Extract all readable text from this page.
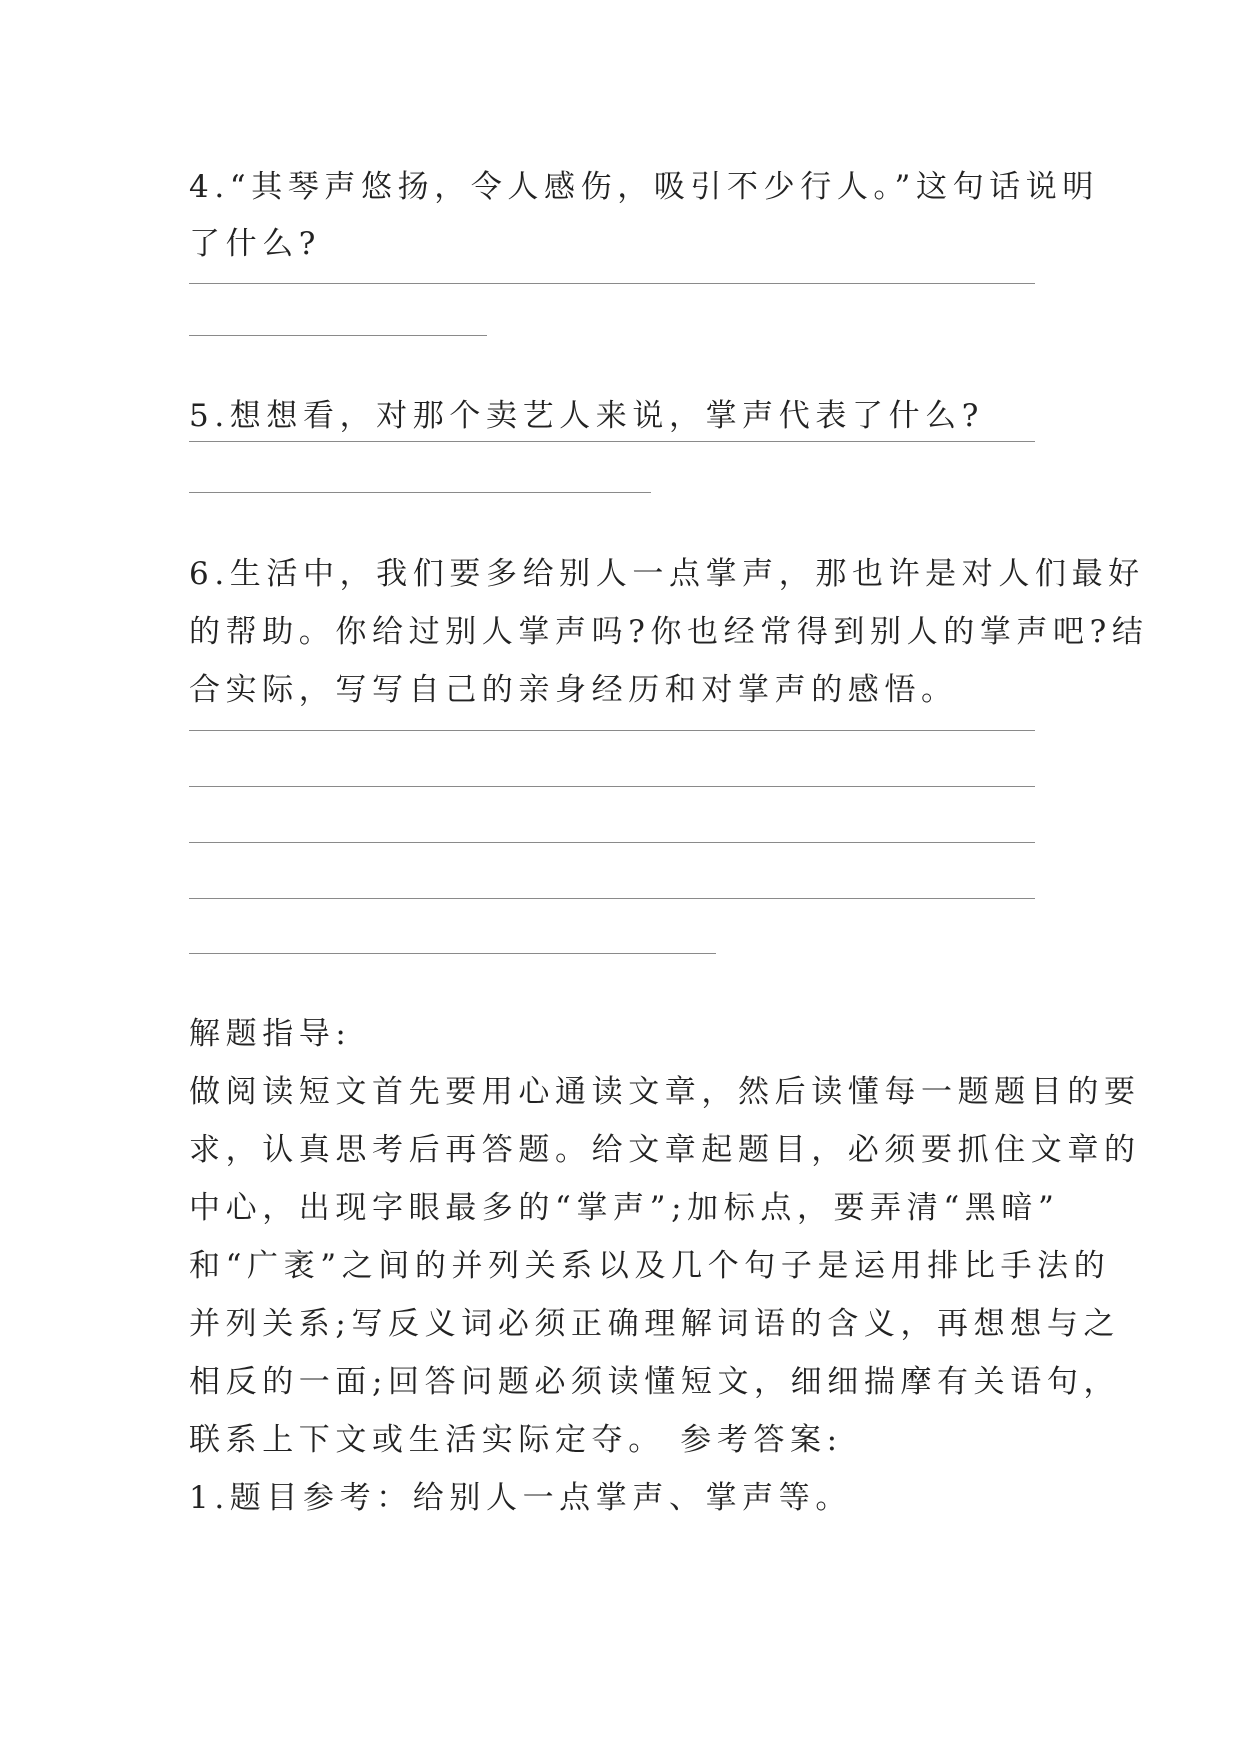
4.“其琴声悠扬，令人感伤，吸引不少行人。”这句话说明
了什么?
5.想想看，对那个卖艺人来说，掌声代表了什么?
6.生活中，我们要多给别人一点掌声，那也许是对人们最好
的帮助。你给过别人掌声吗?你也经常得到别人的掌声吧?结
合实际，写写自己的亲身经历和对掌声的感悟。
解题指导:
做阅读短文首先要用心通读文章，然后读懂每一题题目的要
求，认真思考后再答题。给文章起题目，必须要抓住文章的
中心，出现字眼最多的“掌声”;加标点，要弄清“黑暗”
和“广袤”之间的并列关系以及几个句子是运用排比手法的
并列关系;写反义词必须正确理解词语的含义，再想想与之
相反的一面;回答问题必须读懂短文，细细揣摩有关语句，
联系上下文或生活实际定夺。 参考答案:
1.题目参考：给别人一点掌声、掌声等。
